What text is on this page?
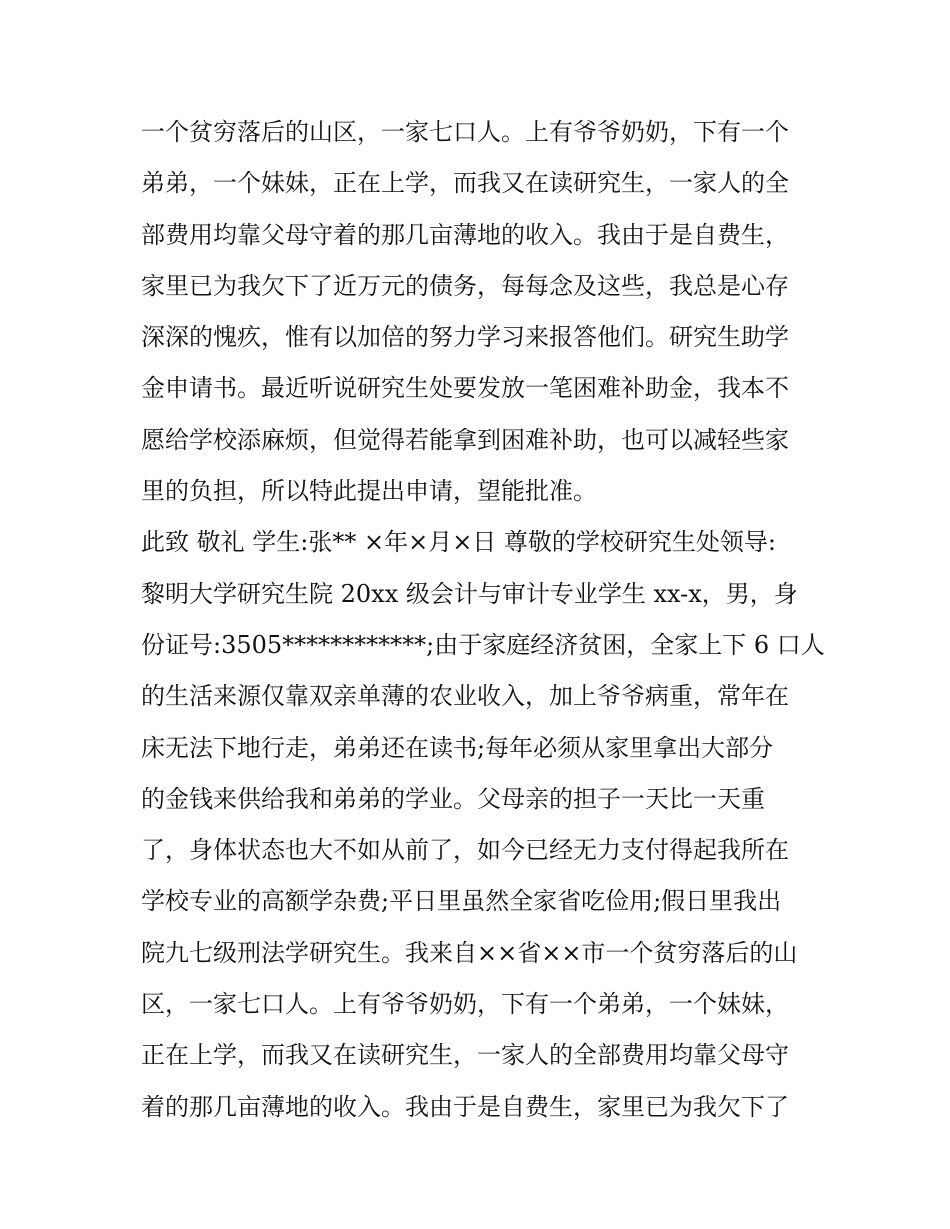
一个贫穷落后的山区，一家七口人。上有爷爷奶奶，下有一个
弟弟，一个妹妹，正在上学，而我又在读研究生，一家人的全
部费用均靠父母守着的那几亩薄地的收入。我由于是自费生，
家里已为我欠下了近万元的债务，每每念及这些，我总是心存
深深的愧疚，惟有以加倍的努力学习来报答他们。研究生助学
金申请书。最近听说研究生处要发放一笔困难补助金，我本不
愿给学校添麻烦，但觉得若能拿到困难补助，也可以减轻些家
里的负担，所以特此提出申请，望能批准。
此致 敬礼 学生:张** ×年×月×日 尊敬的学校研究生处领导:
黎明大学研究生院 20xx 级会计与审计专业学生 xx-x，男，身
份证号:3505************;由于家庭经济贫困，全家上下 6 口人
的生活来源仅靠双亲单薄的农业收入，加上爷爷病重，常年在
床无法下地行走，弟弟还在读书;每年必须从家里拿出大部分
的金钱来供给我和弟弟的学业。父母亲的担子一天比一天重
了，身体状态也大不如从前了，如今已经无力支付得起我所在
学校专业的高额学杂费;平日里虽然全家省吃俭用;假日里我出
院九七级刑法学研究生。我来自××省××市一个贫穷落后的山
区，一家七口人。上有爷爷奶奶，下有一个弟弟，一个妹妹，
正在上学，而我又在读研究生，一家人的全部费用均靠父母守
着的那几亩薄地的收入。我由于是自费生，家里已为我欠下了
